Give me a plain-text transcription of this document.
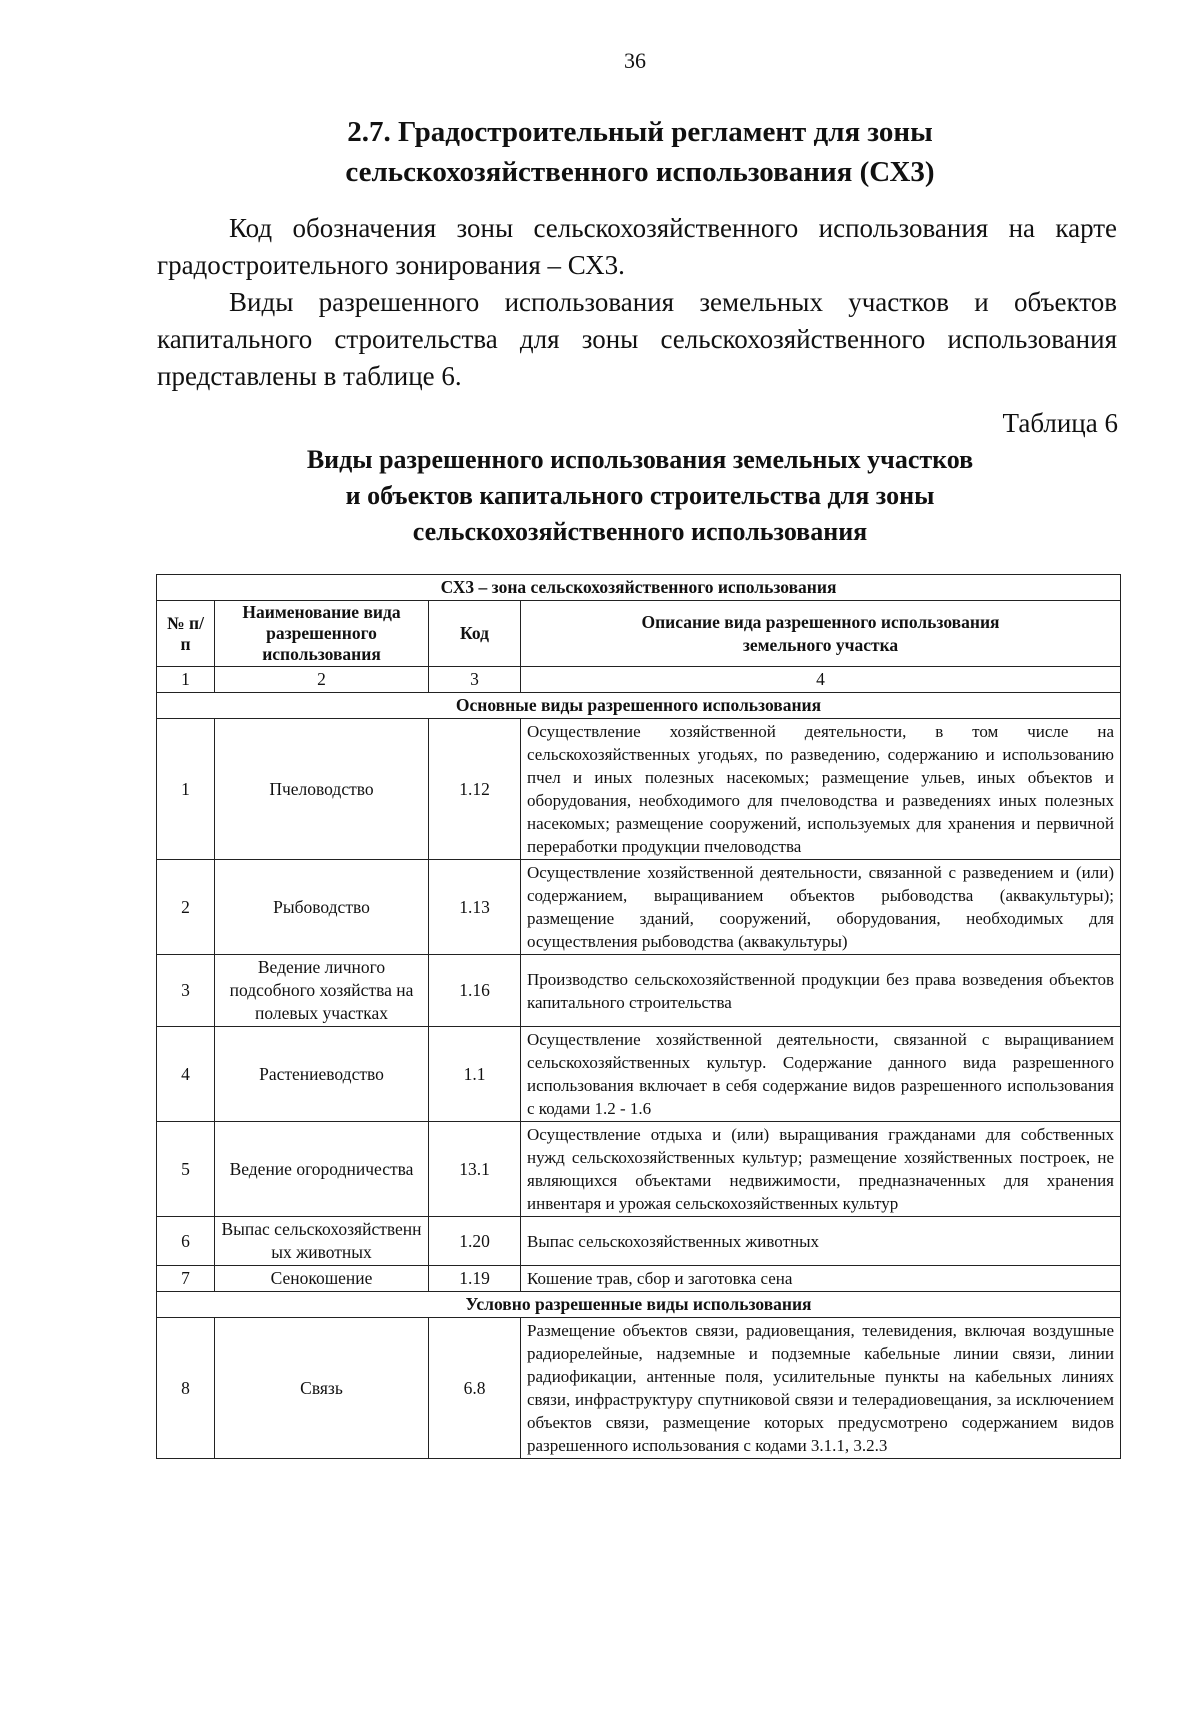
36
2.7. Градостроительный регламент для зоны
сельскохозяйственного использования (СХ3)

Код обозначения зоны сельскохозяйственного использования на карте градостроительного зонирования – СХ3.

Виды разрешенного использования земельных участков и объектов капитального строительства для зоны сельскохозяйственного использования представлены в таблице 6.

Таблица 6
Виды разрешенного использования земельных участков
и объектов капитального строительства для зоны
сельскохозяйственного использования
СХ3 – зона сельскохозяйственного использования			
№ п/п	Наименование вида разрешенного использования	Код	Описание вида разрешенного использования земельного участка
1	2	3	4
Основные виды разрешенного использования			
1	Пчеловодство	1.12	Осуществление хозяйственной деятельности, в том числе на сельскохозяйственных угодьях, по разведению, содержанию и использованию пчел и иных полезных насекомых; размещение ульев, иных объектов и оборудования, необходимого для пчеловодства и разведениях иных полезных насекомых; размещение сооружений, используемых для хранения и первичной переработки продукции пчеловодства
2	Рыбоводство	1.13	Осуществление хозяйственной деятельности, связанной с разведением и (или) содержанием, выращиванием объектов рыбоводства (аквакультуры); размещение зданий, сооружений, оборудования, необходимых для осуществления рыбоводства (аквакультуры)
3	Ведение личного подсобного хозяйства на полевых участках	1.16	Производство сельскохозяйственной продукции без права возведения объектов капитального строительства
4	Растениеводство	1.1	Осуществление хозяйственной деятельности, связанной с выращиванием сельскохозяйственных культур. Содержание данного вида разрешенного использования включает в себя содержание видов разрешенного использования с кодами 1.2 - 1.6
5	Ведение огородничества	13.1	Осуществление отдыха и (или) выращивания гражданами для собственных нужд сельскохозяйственных культур; размещение хозяйственных построек, не являющихся объектами недвижимости, предназначенных для хранения инвентаря и урожая сельскохозяйственных культур
6	Выпас сельскохозяйственн ых животных	1.20	Выпас сельскохозяйственных животных
7	Сенокошение	1.19	Кошение трав, сбор и заготовка сена
Условно разрешенные виды использования			
8	Связь	6.8	Размещение объектов связи, радиовещания, телевидения, включая воздушные радиорелейные, надземные и подземные кабельные линии связи, линии радиофикации, антенные поля, усилительные пункты на кабельных линиях связи, инфраструктуру спутниковой связи и телерадиовещания, за исключением объектов связи, размещение которых предусмотрено содержанием видов разрешенного использования с кодами 3.1.1, 3.2.3
